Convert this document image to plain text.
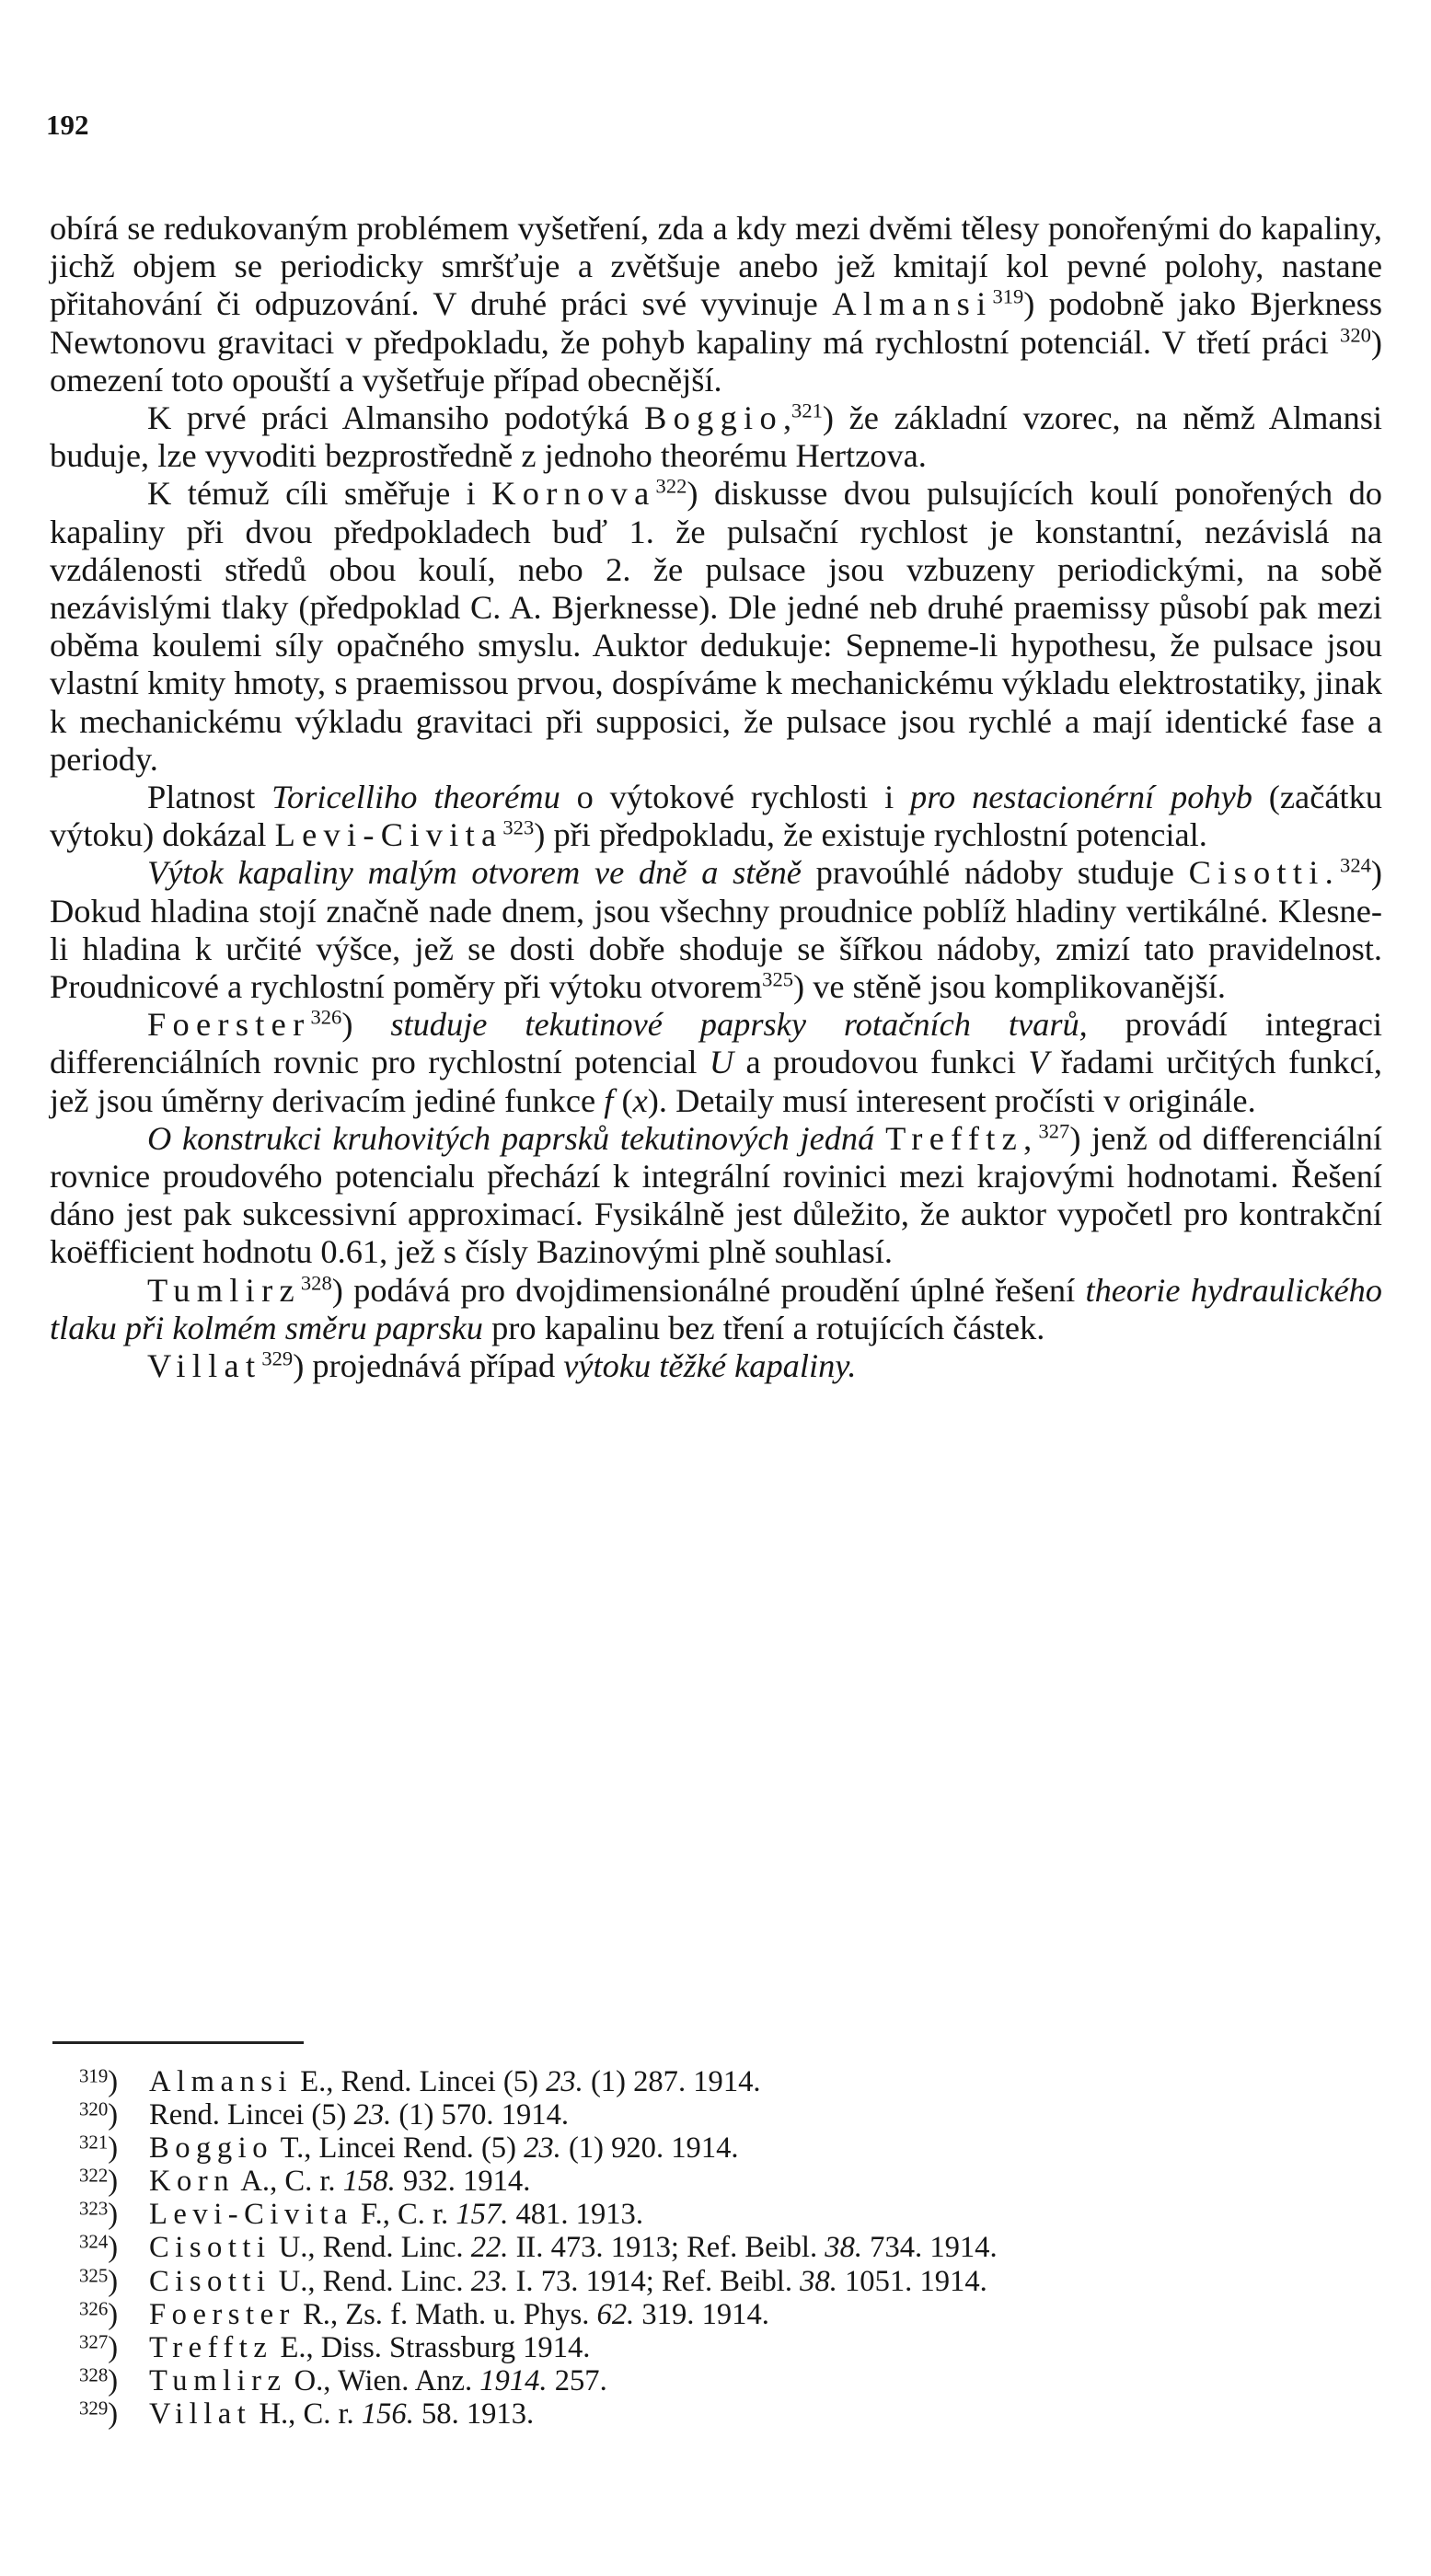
192

obírá se redukovaným problémem vyšetření, zda a kdy mezi dvěmi tělesy ponořenými do kapaliny, jichž objem se periodicky smršťuje a zvětšuje anebo jež kmitají kol pevné polohy, nastane přitahování či odpuzování. V druhé práci své vyvinuje Almansi$^{319}$) podobně jako Bjerkness Newtonovu gravitaci v předpokladu, že pohyb kapaliny má rychlostní potenciál. V třetí práci $^{320}$) omezení toto opouští a vyšetřuje případ obecnější.

K prvé práci Almansiho podotýká Boggio,$^{321}$) že základní vzorec, na němž Almansi buduje, lze vyvoditi bezprostředně z jednoho theorému Hertzova.

K témuž cíli směřuje i Kornova$^{322}$) diskusse dvou pulsujících koulí ponořených do kapaliny při dvou předpokladech buď 1. že pulsační rychlost je konstantní, nezávislá na vzdálenosti středů obou koulí, nebo 2. že pulsace jsou vzbuzeny periodickými, na sobě nezávislými tlaky (předpoklad C. A. Bjerknesse). Dle jedné neb druhé praemissy působí pak mezi oběma koulemi síly opačného smyslu. Auktor dedukuje: Sepneme-li hypothesu, že pulsace jsou vlastní kmity hmoty, s praemissou prvou, dospíváme k mechanickému výkladu elektrostatiky, jinak k mechanickému výkladu gravitaci při supposici, že pulsace jsou rychlé a mají identické fase a periody.

Platnost Toricelliho theorému o výtokové rychlosti i pro nestacionérní pohyb (začátku výtoku) dokázal Levi-Civita$^{323}$) při předpokladu, že existuje rychlostní potencial.

Výtok kapaliny malým otvorem ve dně a stěně pravoúhlé nádoby studuje Cisotti.$^{324}$) Dokud hladina stojí značně nade dnem, jsou všechny proudnice poblíž hladiny vertikálné. Klesne-li hladina k určité výšce, jež se dosti dobře shoduje se šířkou nádoby, zmizí tato pravidelnost. Proudnicové a rychlostní poměry při výtoku otvorem$^{325}$) ve stěně jsou komplikovanější.

Foerster$^{326}$) studuje tekutinové paprsky rotačních tvarů, provádí integraci differenciálních rovnic pro rychlostní potencial U a proudovou funkci V řadami určitých funkcí, jež jsou úměrny derivacím jediné funkce f (x). Detaily musí interesent pročísti v originále.

O konstrukci kruhovitých paprsků tekutinových jedná Trefftz,$^{327}$) jenž od differenciální rovnice proudového potencialu přechází k integrální rovinici mezi krajovými hodnotami. Řešení dáno jest pak sukcessivní approximací. Fysikálně jest důležito, že auktor vypočetl pro kontrakční koëfficient hodnotu 0.61, jež s čísly Bazinovými plně souhlasí.

Tumlirz$^{328}$) podává pro dvojdimensionálné proudění úplné řešení theorie hydraulického tlaku při kolmém směru paprsku pro kapalinu bez tření a rotujících částek.

Villat$^{329}$) projednává případ výtoku těžké kapaliny.

$^{319}$) Almansi E., Rend. Lincei (5) 23. (1) 287. 1914.
$^{320}$) Rend. Lincei (5) 23. (1) 570. 1914.
$^{321}$) Boggio T., Lincei Rend. (5) 23. (1) 920. 1914.
$^{322}$) Korn A., C. r. 158. 932. 1914.
$^{323}$) Levi-Civita F., C. r. 157. 481. 1913.
$^{324}$) Cisotti U., Rend. Linc. 22. II. 473. 1913; Ref. Beibl. 38. 734. 1914.
$^{325}$) Cisotti U., Rend. Linc. 23. I. 73. 1914; Ref. Beibl. 38. 1051. 1914.
$^{326}$) Foerster R., Zs. f. Math. u. Phys. 62. 319. 1914.
$^{327}$) Trefftz E., Diss. Strassburg 1914.
$^{328}$) Tumlirz O., Wien. Anz. 1914. 257.
$^{329}$) Villat H., C. r. 156. 58. 1913.
